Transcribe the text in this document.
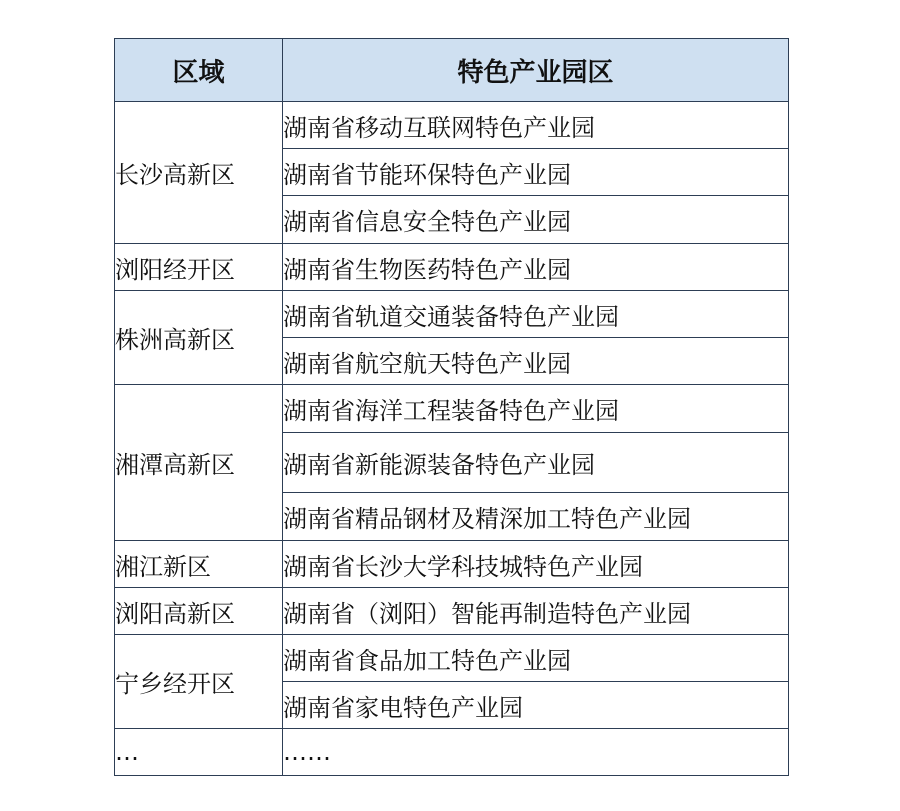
区域	特色产业园区
长沙高新区	湖南省移动互联网特色产业园
	湖南省节能环保特色产业园
	湖南省信息安全特色产业园
浏阳经开区	湖南省生物医药特色产业园
株洲高新区	湖南省轨道交通装备特色产业园
	湖南省航空航天特色产业园
湘潭高新区	湖南省海洋工程装备特色产业园
	湖南省新能源装备特色产业园
	湖南省精品钢材及精深加工特色产业园
湘江新区	湖南省长沙大学科技城特色产业园
浏阳高新区	湖南省（浏阳）智能再制造特色产业园
宁乡经开区	湖南省食品加工特色产业园
	湖南省家电特色产业园
…	……
